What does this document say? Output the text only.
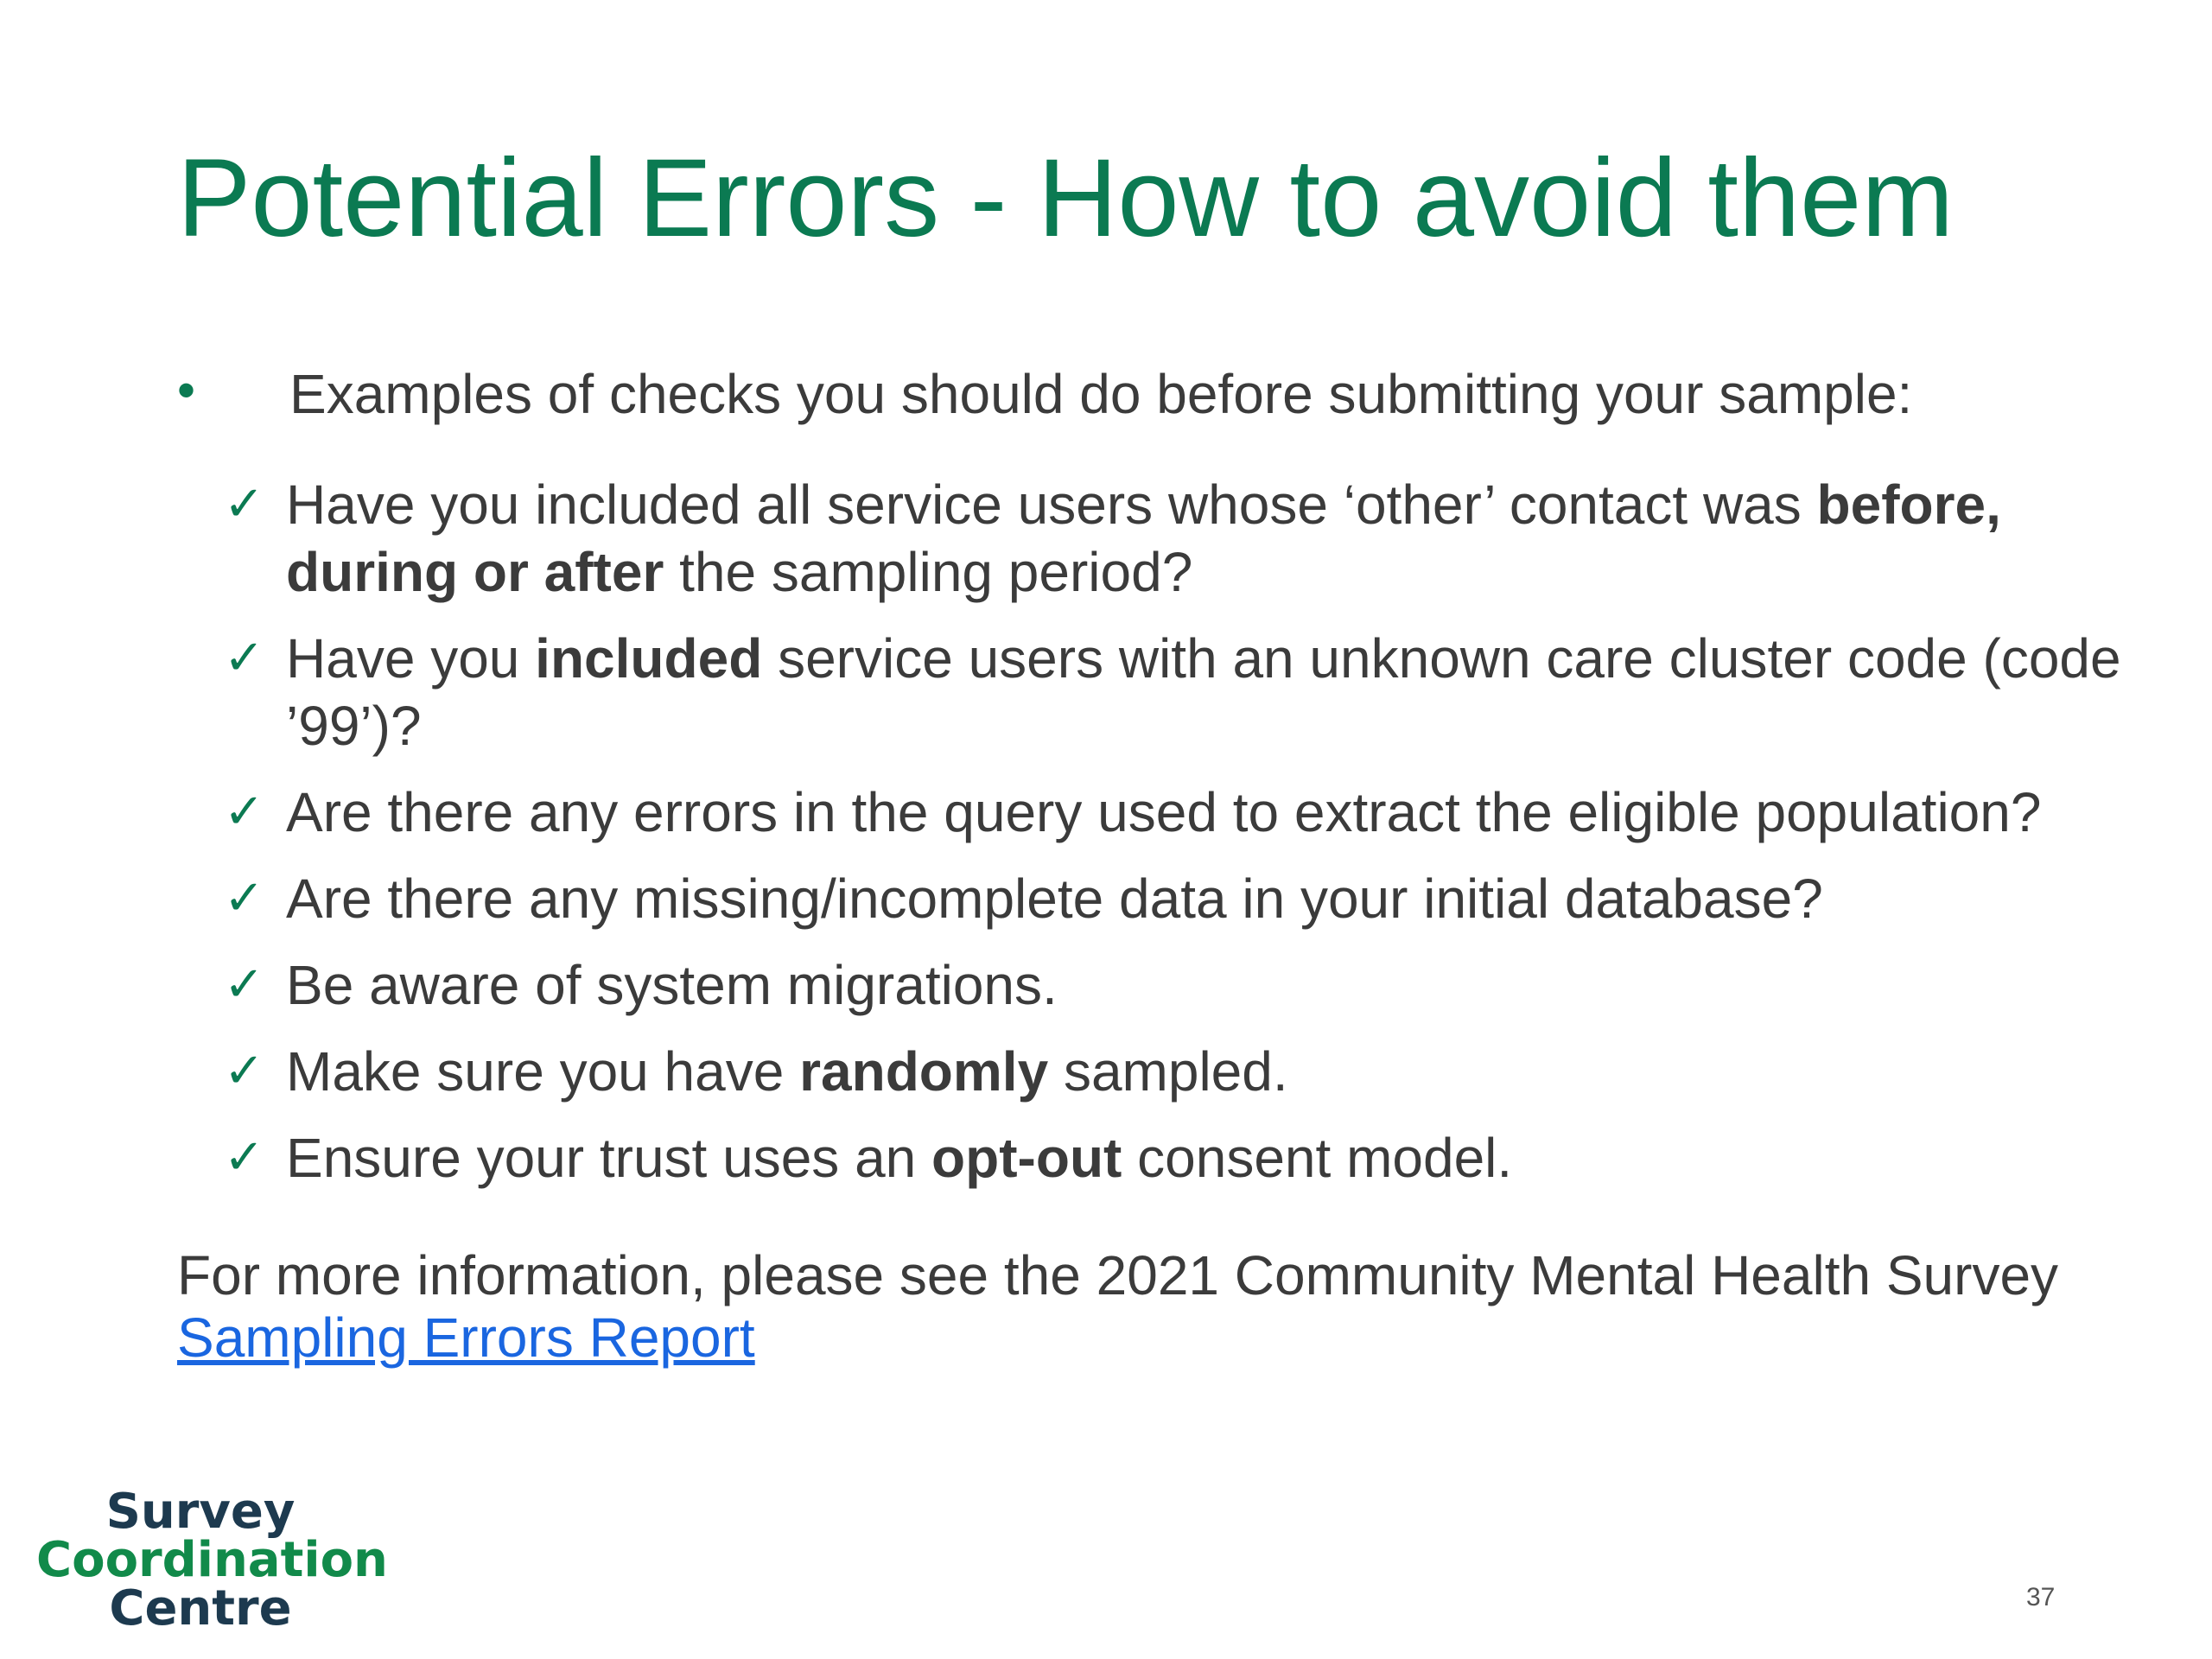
Potential Errors - How to avoid them
• Examples of checks you should do before submitting your sample:
✓ Have you included all service users whose ‘other’ contact was before, during or after the sampling period?
✓ Have you included service users with an unknown care cluster code (code ’99’)?
✓ Are there any errors in the query used to extract the eligible population?
✓ Are there any missing/incomplete data in your initial database?
✓ Be aware of system migrations.
✓ Make sure you have randomly sampled.
✓ Ensure your trust uses an opt-out consent model.
For more information, please see the 2021 Community Mental Health Survey
Sampling Errors Report
Survey
Coordination
Centre	37
